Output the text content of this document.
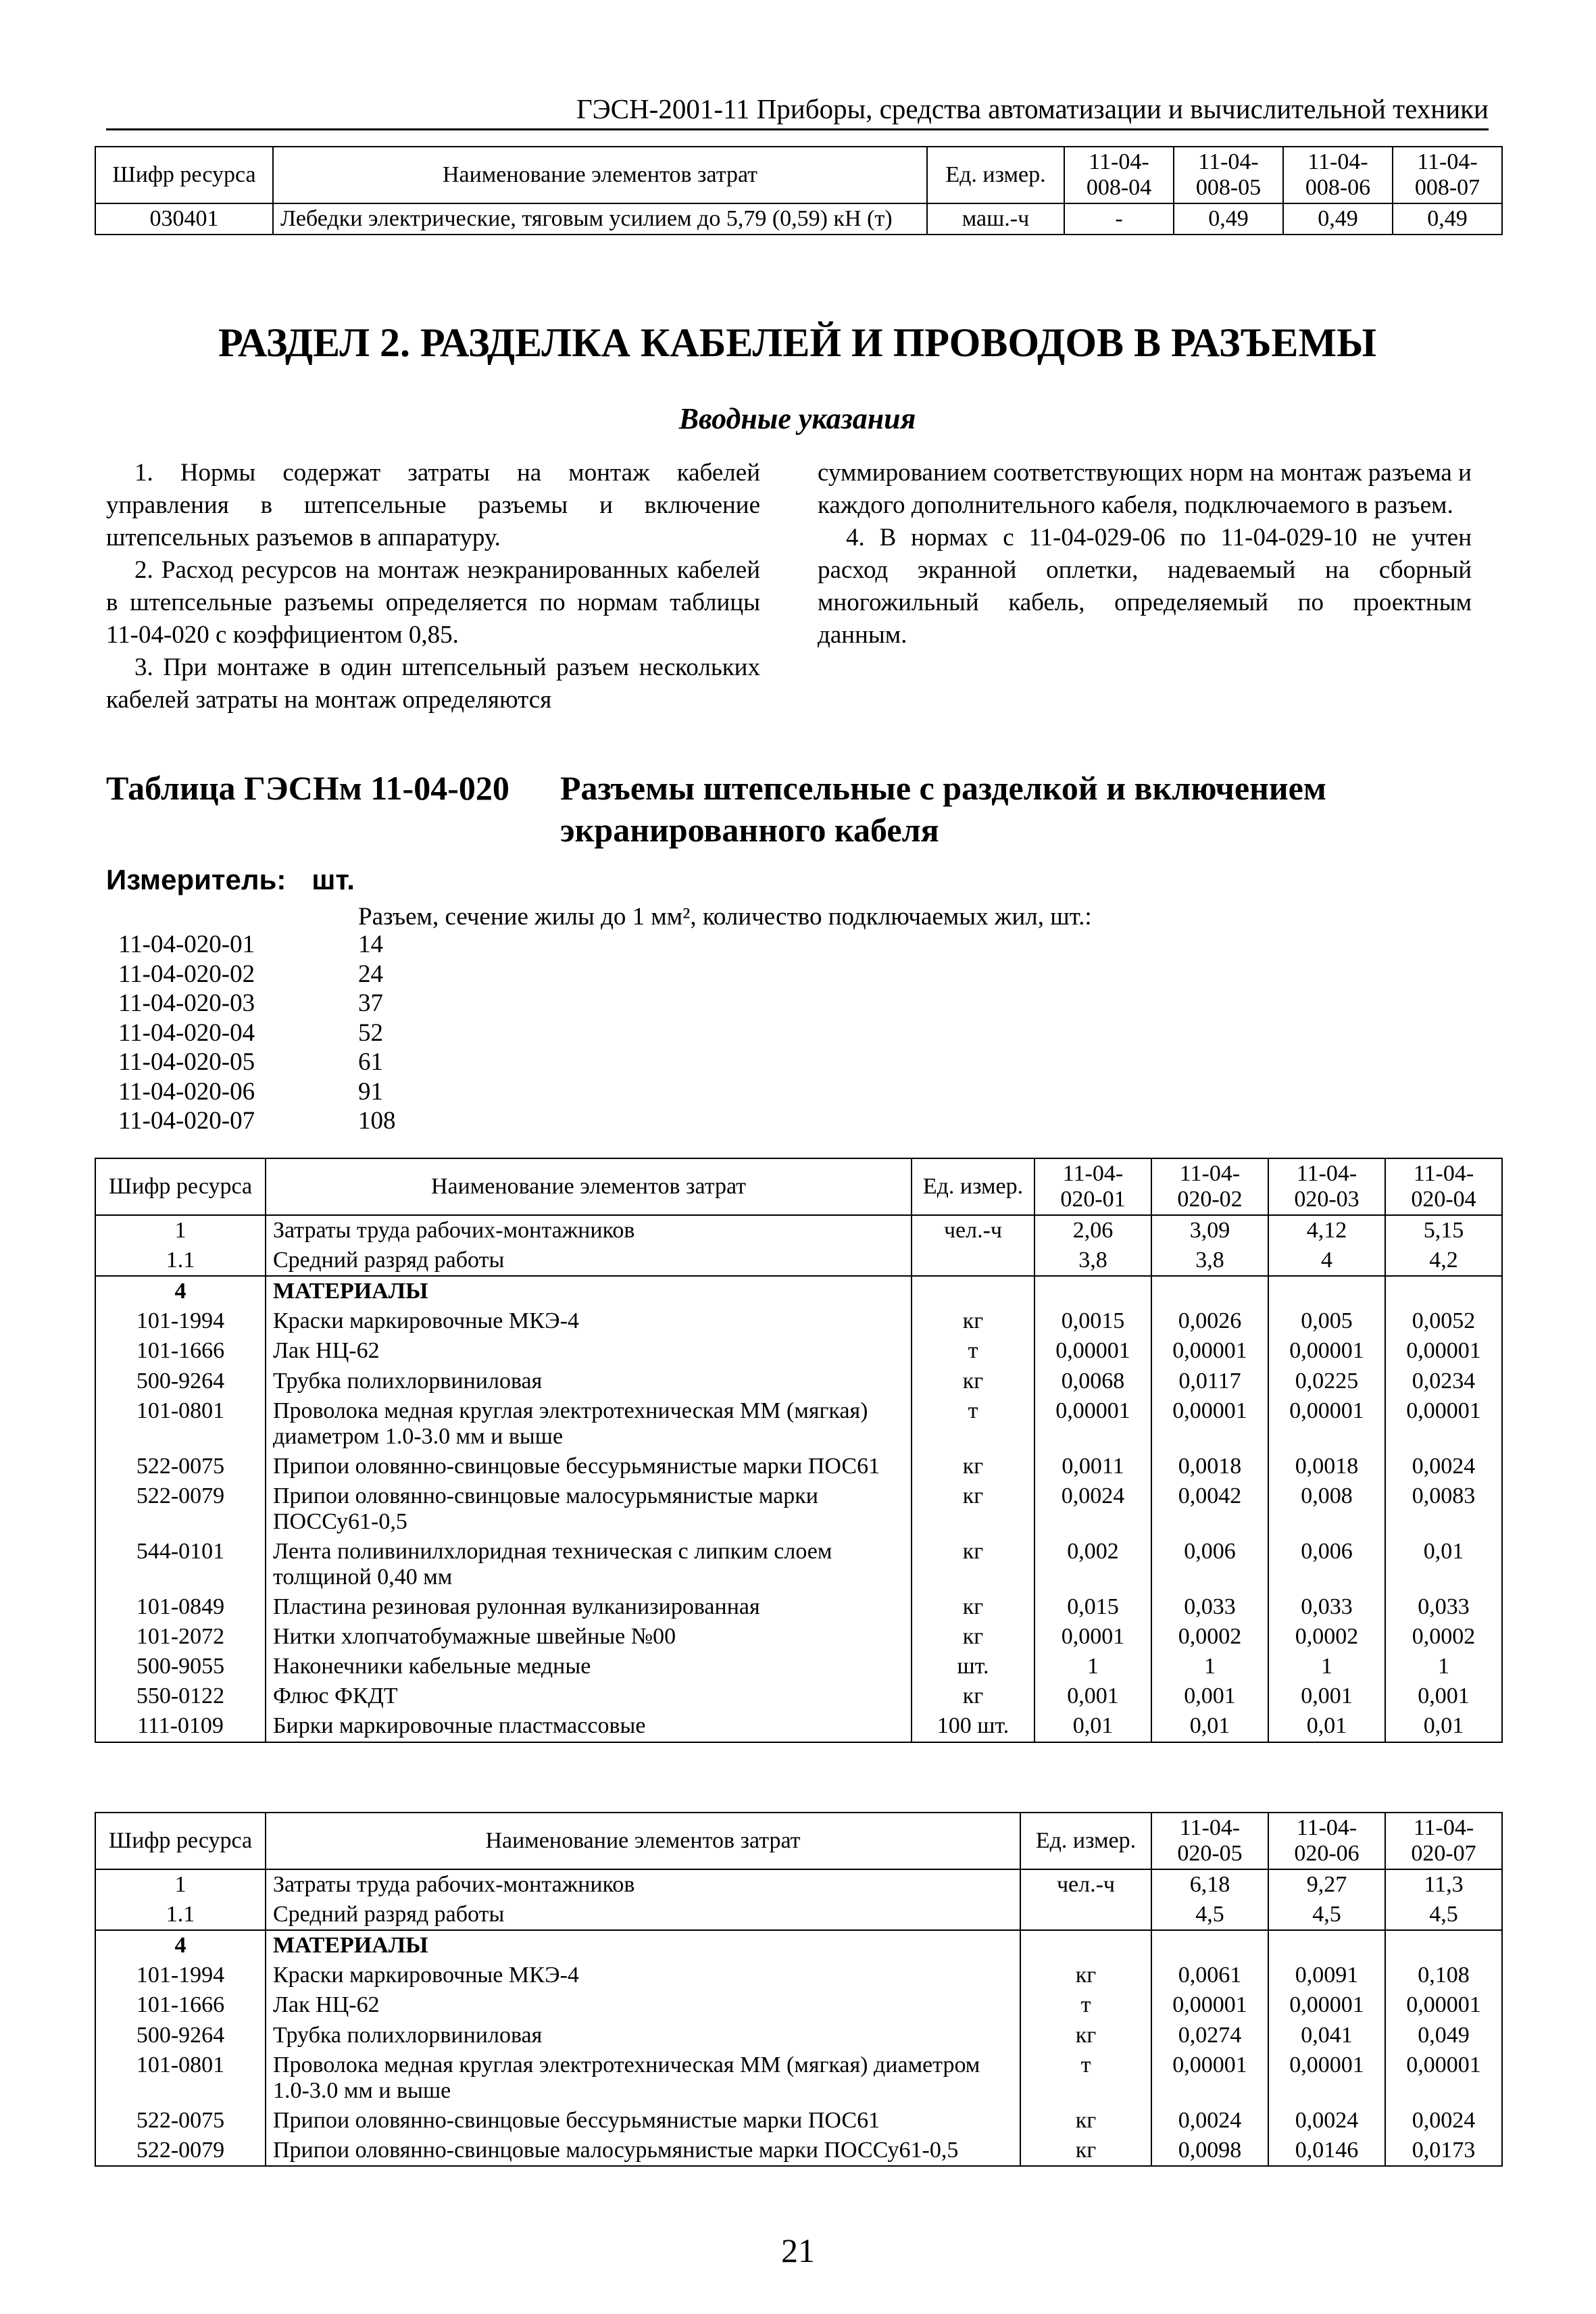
ГЭСН-2001-11 Приборы, средства автоматизации и вычислительной техники
Шифр ресурса	Наименование элементов затрат	Ед. измер.	11-04-008-04	11-04-008-05	11-04-008-06	11-04-008-07
030401	Лебедки электрические, тяговым усилием до 5,79 (0,59) кН (т)	маш.-ч	-	0,49	0,49	0,49
РАЗДЕЛ 2. РАЗДЕЛКА КАБЕЛЕЙ И ПРОВОДОВ В РАЗЪЕМЫ
Вводные указания

1. Нормы содержат затраты на монтаж кабелей управления в штепсельные разъемы и включение штепсельных разъемов в аппаратуру.

2. Расход ресурсов на монтаж неэкранированных кабелей в штепсельные разъемы определяется по нормам таблицы 11-04-020 с коэффициентом 0,85.

3. При монтаже в один штепсельный разъем нескольких кабелей затраты на монтаж определяются

суммированием соответствующих норм на монтаж разъема и каждого дополнительного кабеля, подключаемого в разъем.

4. В нормах с 11-04-029-06 по 11-04-029-10 не учтен расход экранной оплетки, надеваемый на сборный многожильный кабель, определяемый по проектным данным.

Таблица ГЭСНм 11-04-020 Разъемы штепсельные с разделкой и включением экранированного кабеля
Измеритель: шт.
Разъем, сечение жилы до 1 мм², количество подключаемых жил, шт.:
11-04-020-01	14
11-04-020-02	24
11-04-020-03	37
11-04-020-04	52
11-04-020-05	61
11-04-020-06	91
11-04-020-07	108
Шифр ресурса	Наименование элементов затрат	Ед. измер.	11-04-020-01	11-04-020-02	11-04-020-03	11-04-020-04
1	Затраты труда рабочих-монтажников	чел.-ч	2,06	3,09	4,12	5,15
1.1	Средний разряд работы		3,8	3,8	4	4,2
4	МАТЕРИАЛЫ					
101-1994	Краски маркировочные МКЭ-4	кг	0,0015	0,0026	0,005	0,0052
101-1666	Лак НЦ-62	т	0,00001	0,00001	0,00001	0,00001
500-9264	Трубка полихлорвиниловая	кг	0,0068	0,0117	0,0225	0,0234
101-0801	Проволока медная круглая электротехническая ММ (мягкая) диаметром 1.0-3.0 мм и выше	т	0,00001	0,00001	0,00001	0,00001
522-0075	Припои оловянно-свинцовые бессурьмянистые марки ПОС61	кг	0,0011	0,0018	0,0018	0,0024
522-0079	Припои оловянно-свинцовые малосурьмянистые марки ПОССу61-0,5	кг	0,0024	0,0042	0,008	0,0083
544-0101	Лента поливинилхлоридная техническая с липким слоем толщиной 0,40 мм	кг	0,002	0,006	0,006	0,01
101-0849	Пластина резиновая рулонная вулканизированная	кг	0,015	0,033	0,033	0,033
101-2072	Нитки хлопчатобумажные швейные №00	кг	0,0001	0,0002	0,0002	0,0002
500-9055	Наконечники кабельные медные	шт.	1	1	1	1
550-0122	Флюс ФКДТ	кг	0,001	0,001	0,001	0,001
111-0109	Бирки маркировочные пластмассовые	100 шт.	0,01	0,01	0,01	0,01
Шифр ресурса	Наименование элементов затрат	Ед. измер.	11-04-020-05	11-04-020-06	11-04-020-07
1	Затраты труда рабочих-монтажников	чел.-ч	6,18	9,27	11,3
1.1	Средний разряд работы		4,5	4,5	4,5
4	МАТЕРИАЛЫ				
101-1994	Краски маркировочные МКЭ-4	кг	0,0061	0,0091	0,108
101-1666	Лак НЦ-62	т	0,00001	0,00001	0,00001
500-9264	Трубка полихлорвиниловая	кг	0,0274	0,041	0,049
101-0801	Проволока медная круглая электротехническая ММ (мягкая) диаметром 1.0-3.0 мм и выше	т	0,00001	0,00001	0,00001
522-0075	Припои оловянно-свинцовые бессурьмянистые марки ПОС61	кг	0,0024	0,0024	0,0024
522-0079	Припои оловянно-свинцовые малосурьмянистые марки ПОССу61-0,5	кг	0,0098	0,0146	0,0173
21
